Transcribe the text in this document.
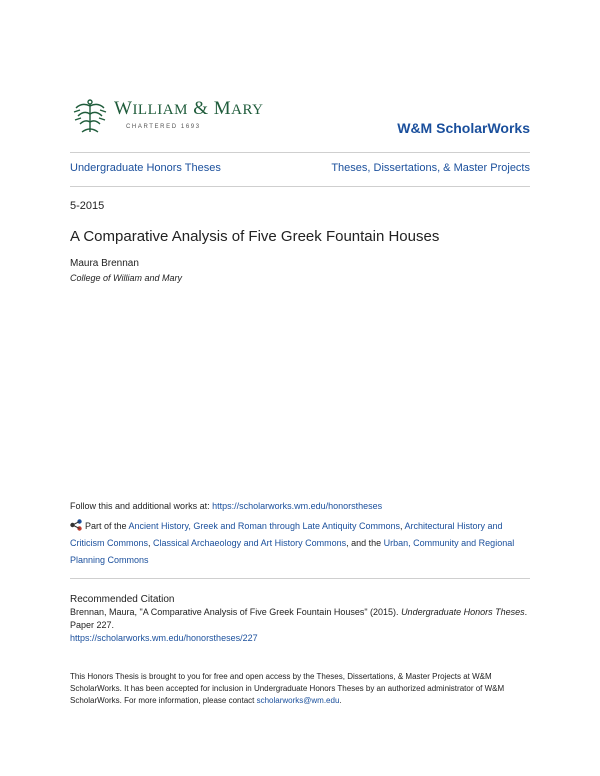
WILLIAM & MARY
CHARTERED 1693	W&M ScholarWorks
Undergraduate Honors Theses	Theses, Dissertations, & Master Projects
5-2015
A Comparative Analysis of Five Greek Fountain Houses
Maura Brennan
College of William and Mary
Follow this and additional works at: https://scholarworks.wm.edu/honorstheses
Part of the Ancient History, Greek and Roman through Late Antiquity Commons, Architectural History and Criticism Commons, Classical Archaeology and Art History Commons, and the Urban, Community and Regional Planning Commons
Recommended Citation
Brennan, Maura, "A Comparative Analysis of Five Greek Fountain Houses" (2015). Undergraduate Honors Theses. Paper 227.
https://scholarworks.wm.edu/honorstheses/227
This Honors Thesis is brought to you for free and open access by the Theses, Dissertations, & Master Projects at W&M ScholarWorks. It has been accepted for inclusion in Undergraduate Honors Theses by an authorized administrator of W&M ScholarWorks. For more information, please contact scholarworks@wm.edu.
